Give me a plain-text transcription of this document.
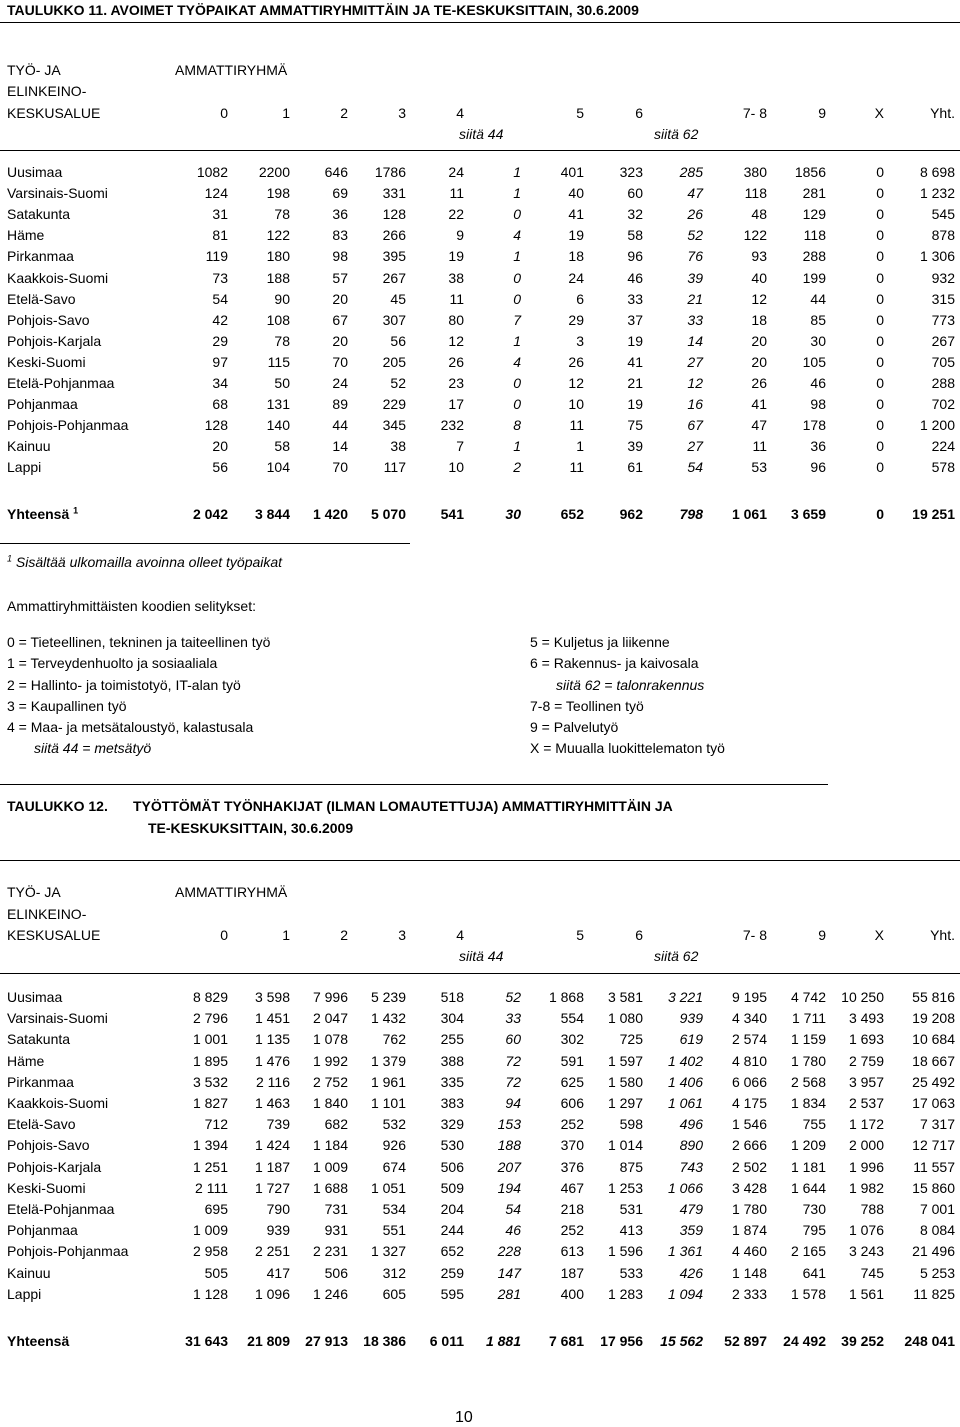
TAULUKKO 11. AVOIMET TYÖPAIKAT AMMATTIRYHMITTÄIN JA TE-KESKUKSITTAIN, 30.6.2009
TYÖ- JA
ELINKEINO-
KESKUSALUE
AMMATTIRYHMÄ
0	1	2	3	4	5	6	7- 8	9	X	Yht.
siitä 44	siitä 62
Uusimaa	1082	2200	646	1786	24	1	401	323	285	380	1856	0	8 698
Varsinais-Suomi	124	198	69	331	11	1	40	60	47	118	281	0	1 232
Satakunta	31	78	36	128	22	0	41	32	26	48	129	0	545
Häme	81	122	83	266	9	4	19	58	52	122	118	0	878
Pirkanmaa	119	180	98	395	19	1	18	96	76	93	288	0	1 306
Kaakkois-Suomi	73	188	57	267	38	0	24	46	39	40	199	0	932
Etelä-Savo	54	90	20	45	11	0	6	33	21	12	44	0	315
Pohjois-Savo	42	108	67	307	80	7	29	37	33	18	85	0	773
Pohjois-Karjala	29	78	20	56	12	1	3	19	14	20	30	0	267
Keski-Suomi	97	115	70	205	26	4	26	41	27	20	105	0	705
Etelä-Pohjanmaa	34	50	24	52	23	0	12	21	12	26	46	0	288
Pohjanmaa	68	131	89	229	17	0	10	19	16	41	98	0	702
Pohjois-Pohjanmaa	128	140	44	345	232	8	11	75	67	47	178	0	1 200
Kainuu	20	58	14	38	7	1	1	39	27	11	36	0	224
Lappi	56	104	70	117	10	2	11	61	54	53	96	0	578
Yhteensä $^1$	2 042	3 844	1 420	5 070	541	30	652	962	798	1 061	3 659	0	19 251
$^1$ Sisältää ulkomailla avoinna olleet työpaikat
Ammattiryhmittäisten koodien selitykset:
0 = Tieteellinen, tekninen ja taiteellinen työ
1 = Terveydenhuolto ja sosiaaliala
2 = Hallinto- ja toimistotyö, IT-alan työ
3 = Kaupallinen työ
4 = Maa- ja metsätaloustyö, kalastusala
siitä 44 = metsätyö
5 = Kuljetus ja liikenne
6 = Rakennus- ja kaivosala
siitä 62 = talonrakennus
7-8 = Teollinen työ
9 = Palvelutyö
X = Muualla luokittelematon työ
TAULUKKO 12. TYÖTTÖMÄT TYÖNHAKIJAT (ILMAN LOMAUTETTUJA) AMMATTIRYHMITTÄIN JA
TE-KESKUKSITTAIN, 30.6.2009
TYÖ- JA
ELINKEINO-
KESKUSALUE
AMMATTIRYHMÄ
0	1	2	3	4	5	6	7- 8	9	X	Yht.
siitä 44	siitä 62
Uusimaa	8 829	3 598	7 996	5 239	518	52	1 868	3 581	3 221	9 195	4 742	10 250	55 816
Varsinais-Suomi	2 796	1 451	2 047	1 432	304	33	554	1 080	939	4 340	1 711	3 493	19 208
Satakunta	1 001	1 135	1 078	762	255	60	302	725	619	2 574	1 159	1 693	10 684
Häme	1 895	1 476	1 992	1 379	388	72	591	1 597	1 402	4 810	1 780	2 759	18 667
Pirkanmaa	3 532	2 116	2 752	1 961	335	72	625	1 580	1 406	6 066	2 568	3 957	25 492
Kaakkois-Suomi	1 827	1 463	1 840	1 101	383	94	606	1 297	1 061	4 175	1 834	2 537	17 063
Etelä-Savo	712	739	682	532	329	153	252	598	496	1 546	755	1 172	7 317
Pohjois-Savo	1 394	1 424	1 184	926	530	188	370	1 014	890	2 666	1 209	2 000	12 717
Pohjois-Karjala	1 251	1 187	1 009	674	506	207	376	875	743	2 502	1 181	1 996	11 557
Keski-Suomi	2 111	1 727	1 688	1 051	509	194	467	1 253	1 066	3 428	1 644	1 982	15 860
Etelä-Pohjanmaa	695	790	731	534	204	54	218	531	479	1 780	730	788	7 001
Pohjanmaa	1 009	939	931	551	244	46	252	413	359	1 874	795	1 076	8 084
Pohjois-Pohjanmaa	2 958	2 251	2 231	1 327	652	228	613	1 596	1 361	4 460	2 165	3 243	21 496
Kainuu	505	417	506	312	259	147	187	533	426	1 148	641	745	5 253
Lappi	1 128	1 096	1 246	605	595	281	400	1 283	1 094	2 333	1 578	1 561	11 825
Yhteensä	31 643	21 809	27 913	18 386	6 011	1 881	7 681	17 956	15 562	52 897	24 492	39 252	248 041
10
